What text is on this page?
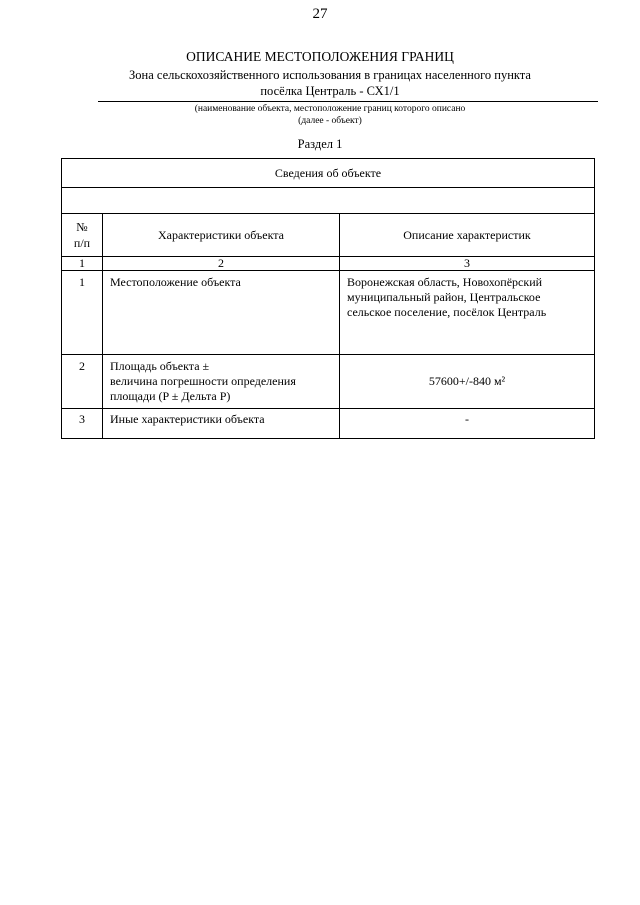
27
ОПИСАНИЕ МЕСТОПОЛОЖЕНИЯ ГРАНИЦ
Зона сельскохозяйственного использования в границах населенного пункта
посёлка Централь - СХ1/1
(наименование объекта, местоположение границ которого описано
(далее - объект)
Раздел 1
Сведения об объекте		

№
п/п	Характеристики объекта	Описание характеристик
1	2	3
1	Местоположение объекта	Воронежская область, Новохопёрский муниципальный район, Центральское сельское поселение, посёлок Централь
2	Площадь объекта ±
величина погрешности определения
площади (P ± Дельта P)	57600+/-840 м²
3	Иные характеристики объекта	-
